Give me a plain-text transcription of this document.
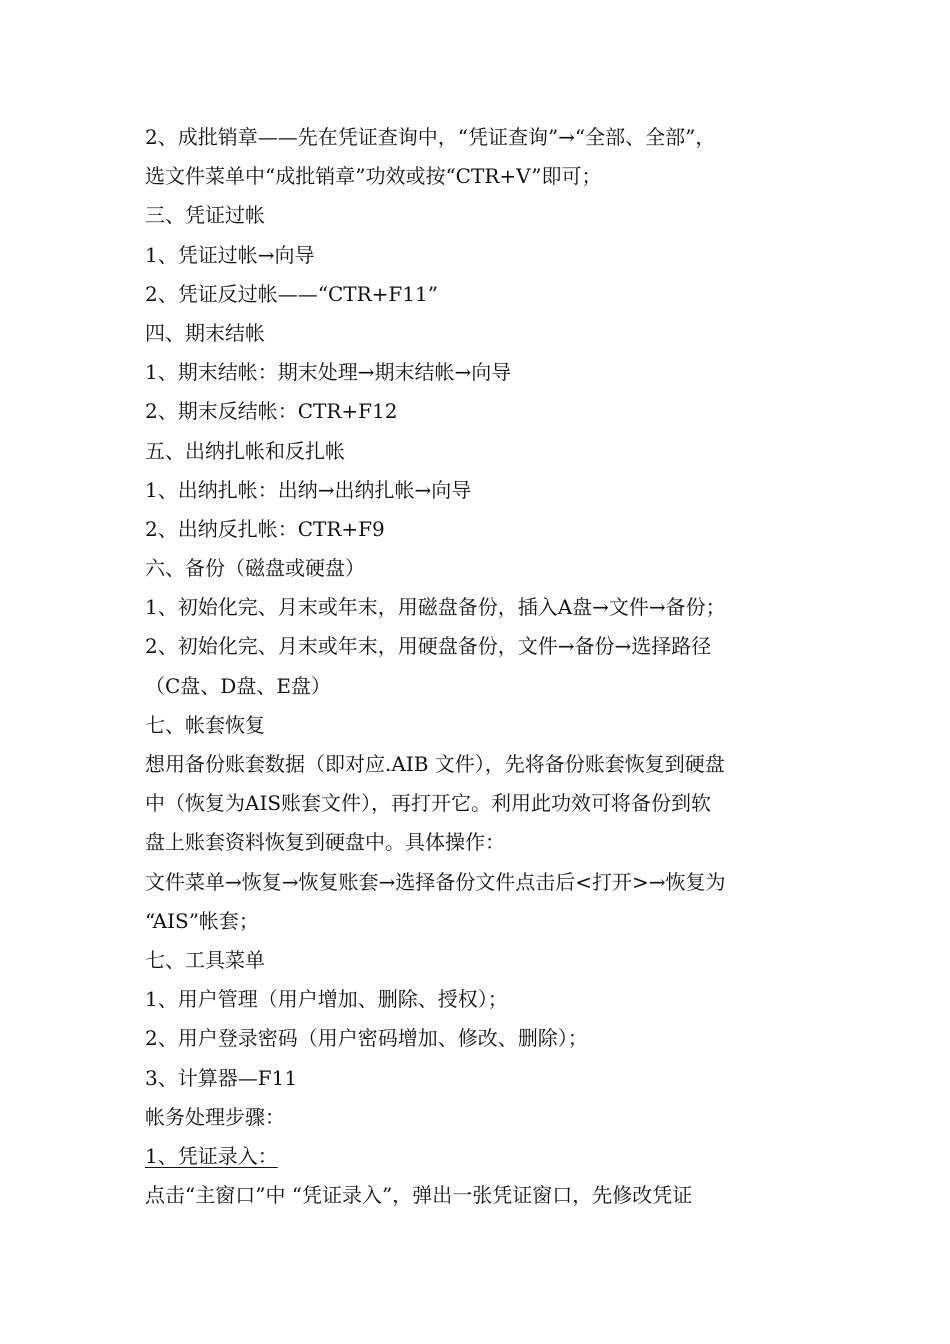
2、成批销章——先在凭证查询中，“凭证查询”→“全部、全部”，
选文件菜单中“成批销章”功效或按“CTR+V”即可；
三、凭证过帐
1、凭证过帐→向导
2、凭证反过帐——“CTR+F11”
四、期末结帐
1、期末结帐：期末处理→期末结帐→向导
2、期末反结帐：CTR+F12
五、出纳扎帐和反扎帐
1、出纳扎帐：出纳→出纳扎帐→向导
2、出纳反扎帐：CTR+F9
六、备份（磁盘或硬盘）
1、初始化完、月末或年末，用磁盘备份，插入A盘→文件→备份；
2、初始化完、月末或年末，用硬盘备份，文件→备份→选择路径
（C盘、D盘、E盘）
七、帐套恢复
想用备份账套数据（即对应.AIB 文件），先将备份账套恢复到硬盘
中（恢复为AIS账套文件），再打开它。利用此功效可将备份到软
盘上账套资料恢复到硬盘中。具体操作：
文件菜单→恢复→恢复账套→选择备份文件点击后<打开>→恢复为
“AIS”帐套；
七、工具菜单
1、用户管理（用户增加、删除、授权）；
2、用户登录密码（用户密码增加、修改、删除）；
3、计算器—F11
帐务处理步骤：
1、凭证录入：
点击“主窗口”中 “凭证录入”，弹出一张凭证窗口，先修改凭证
